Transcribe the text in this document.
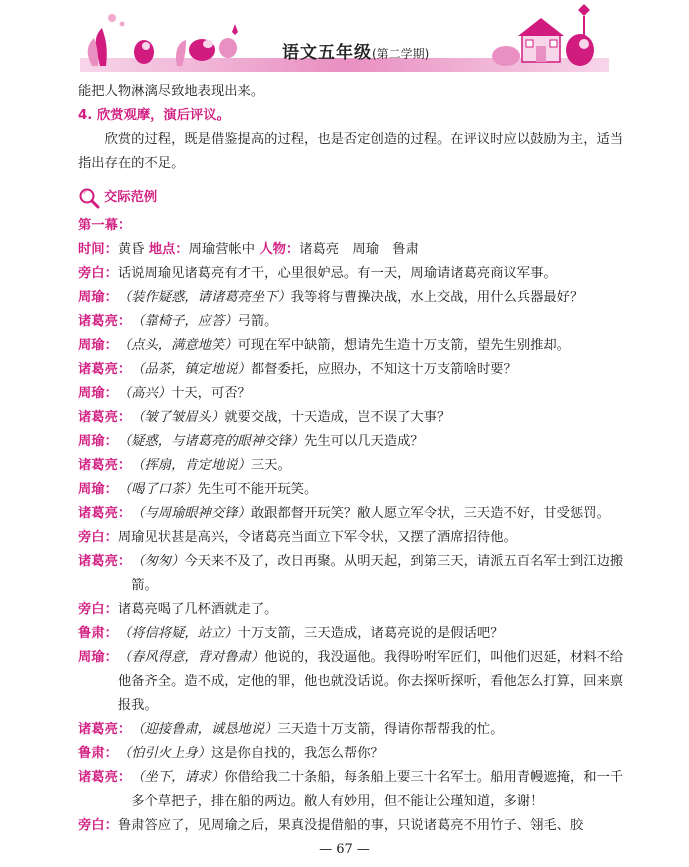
语文五年级(第二学期)

能把人物淋漓尽致地表现出来。

4. 欣赏观摩，演后评议。

欣赏的过程，既是借鉴提高的过程，也是否定创造的过程。在评议时应以鼓励为主，适当指出存在的不足。

交际范例

第一幕：

时间：黄昏 地点：周瑜营帐中 人物：诸葛亮　周瑜　鲁肃

旁白： 话说周瑜见诸葛亮有才干，心里很妒忌。有一天，周瑜请诸葛亮商议军事。
周瑜： （装作疑惑，请诸葛亮坐下）我等将与曹操决战，水上交战，用什么兵器最好？
诸葛亮： （靠椅子，应答）弓箭。
周瑜： （点头，满意地笑）可现在军中缺箭，想请先生造十万支箭，望先生别推却。
诸葛亮： （品茶，镇定地说）都督委托，应照办，不知这十万支箭啥时要？
周瑜： （高兴）十天，可否？
诸葛亮： （皱了皱眉头）就要交战，十天造成，岂不误了大事？
周瑜： （疑惑，与诸葛亮的眼神交锋）先生可以几天造成？
诸葛亮： （挥扇，肯定地说）三天。
周瑜： （喝了口茶）先生可不能开玩笑。
诸葛亮： （与周瑜眼神交锋）敢跟都督开玩笑？敝人愿立军令状，三天造不好，甘受惩罚。
旁白： 周瑜见状甚是高兴，令诸葛亮当面立下军令状，又摆了酒席招待他。
诸葛亮： （匆匆）今天来不及了，改日再聚。从明天起，到第三天，请派五百名军士到江边搬箭。
旁白： 诸葛亮喝了几杯酒就走了。
鲁肃： （将信将疑，站立）十万支箭，三天造成，诸葛亮说的是假话吧？
周瑜： （春风得意，背对鲁肃）他说的，我没逼他。我得吩咐军匠们，叫他们迟延，材料不给他备齐全。造不成，定他的罪，他也就没话说。你去探听探听，看他怎么打算，回来禀报我。
诸葛亮： （迎接鲁肃，诚恳地说）三天造十万支箭，得请你帮帮我的忙。
鲁肃： （怕引火上身）这是你自找的，我怎么帮你？
诸葛亮： （坐下，请求）你借给我二十条船，每条船上要三十名军士。船用青幔遮掩，和一千多个草把子，排在船的两边。敝人有妙用，但不能让公瑾知道，多谢！
旁白： 鲁肃答应了，见周瑜之后，果真没提借船的事，只说诸葛亮不用竹子、翎毛、胶
— 67 —
